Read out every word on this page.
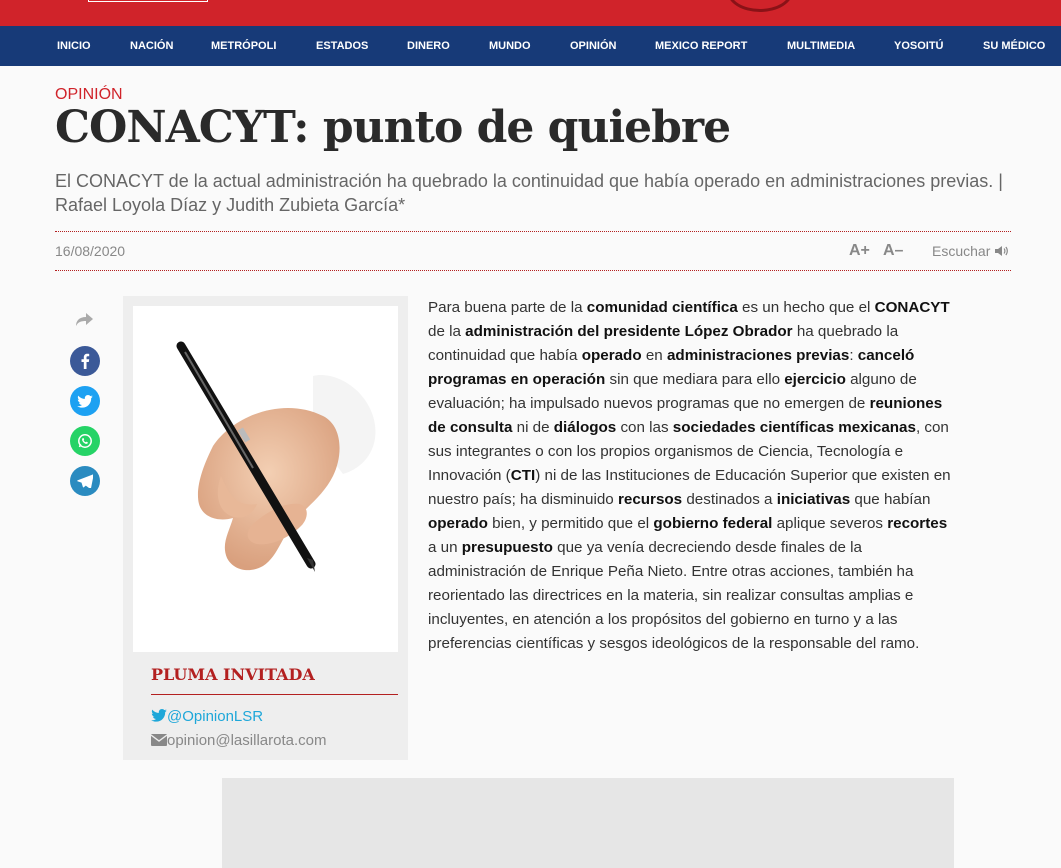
INICIO	NACIÓN	METRÓPOLI	ESTADOS	DINERO	MUNDO	OPINIÓN	MEXICO REPORT	MULTIMEDIA	YOSOITÚ	SU MÉDICO
OPINIÓN
CONACYT: punto de quiebre

El CONACYT de la actual administración ha quebrado la continuidad que había operado en administraciones previas. | Rafael Loyola Díaz y Judith Zubieta García*

16/08/2020	A+ A– Escuchar
PLUMA INVITADA
@OpinionLSR
opinion@lasillarota.com

Para buena parte de la comunidad científica es un hecho que el CONACYT de la administración del presidente López Obrador ha quebrado la continuidad que había operado en administraciones previas: canceló programas en operación sin que mediara para ello ejercicio alguno de evaluación; ha impulsado nuevos programas que no emergen de reuniones de consulta ni de diálogos con las sociedades científicas mexicanas, con sus integrantes o con los propios organismos de Ciencia, Tecnología e Innovación (CTI) ni de las Instituciones de Educación Superior que existen en nuestro país; ha disminuido recursos destinados a iniciativas que habían operado bien, y permitido que el gobierno federal aplique severos recortes a un presupuesto que ya venía decreciendo desde finales de la administración de Enrique Peña Nieto. Entre otras acciones, también ha reorientado las directrices en la materia, sin realizar consultas amplias e incluyentes, en atención a los propósitos del gobierno en turno y a las preferencias científicas y sesgos ideológicos de la responsable del ramo.
